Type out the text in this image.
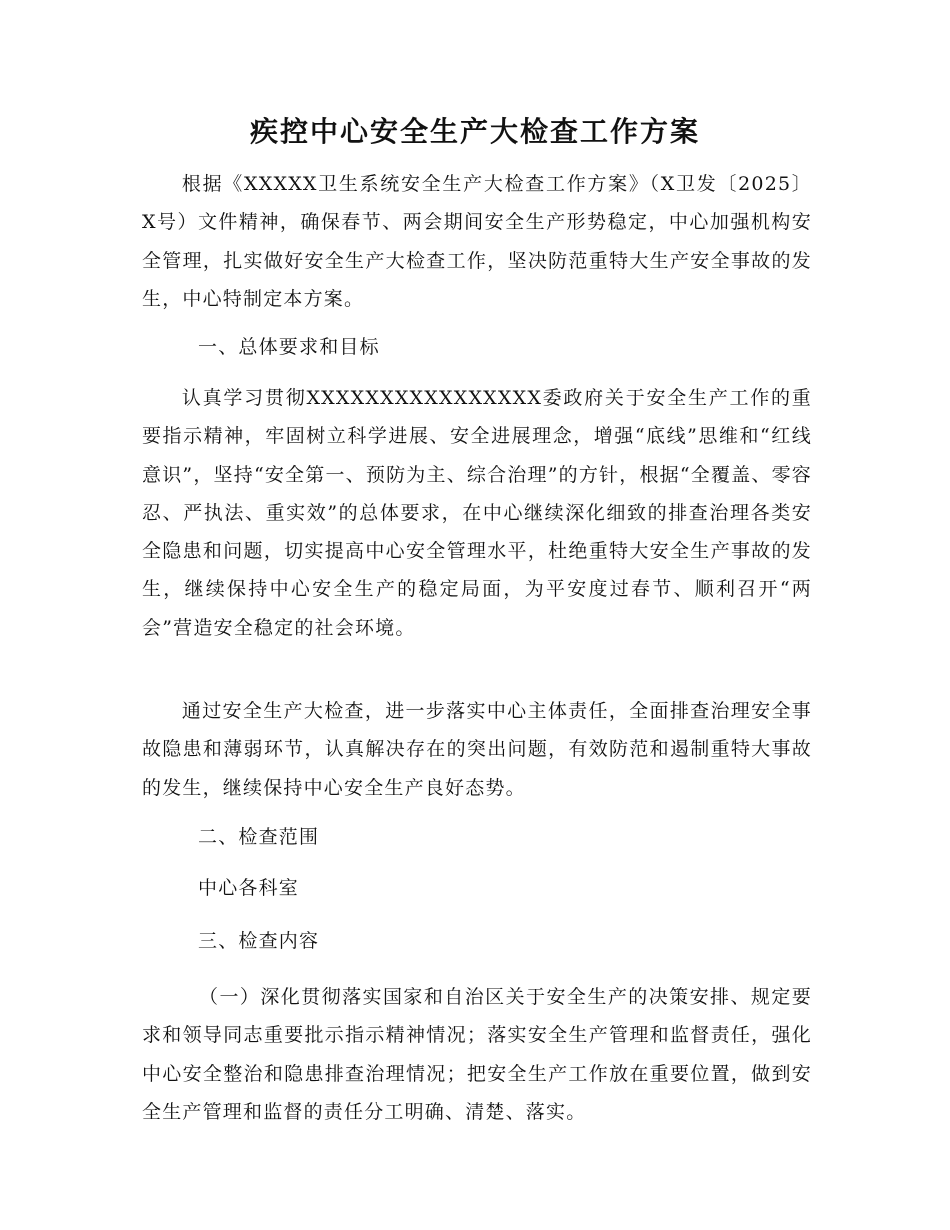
疾控中心安全生产大检查工作方案

根据《XXXXX卫生系统安全生产大检查工作方案》（X卫发〔2025〕X号）文件精神，确保春节、两会期间安全生产形势稳定，中心加强机构安全管理，扎实做好安全生产大检查工作，坚决防范重特大生产安全事故的发生，中心特制定本方案。

一、总体要求和目标

认真学习贯彻XXXXXXXXXXXXXXXX委政府关于安全生产工作的重要指示精神，牢固树立科学进展、安全进展理念，增强“底线”思维和“红线意识”，坚持“安全第一、预防为主、综合治理”的方针，根据“全覆盖、零容忍、严执法、重实效”的总体要求，在中心继续深化细致的排查治理各类安全隐患和问题，切实提高中心安全管理水平，杜绝重特大安全生产事故的发生，继续保持中心安全生产的稳定局面，为平安度过春节、顺利召开“两会”营造安全稳定的社会环境。

通过安全生产大检查，进一步落实中心主体责任，全面排查治理安全事故隐患和薄弱环节，认真解决存在的突出问题，有效防范和遏制重特大事故的发生，继续保持中心安全生产良好态势。

二、检查范围

中心各科室

三、检查内容

（一）深化贯彻落实国家和自治区关于安全生产的决策安排、规定要求和领导同志重要批示指示精神情况；落实安全生产管理和监督责任，强化中心安全整治和隐患排查治理情况；把安全生产工作放在重要位置，做到安全生产管理和监督的责任分工明确、清楚、落实。
